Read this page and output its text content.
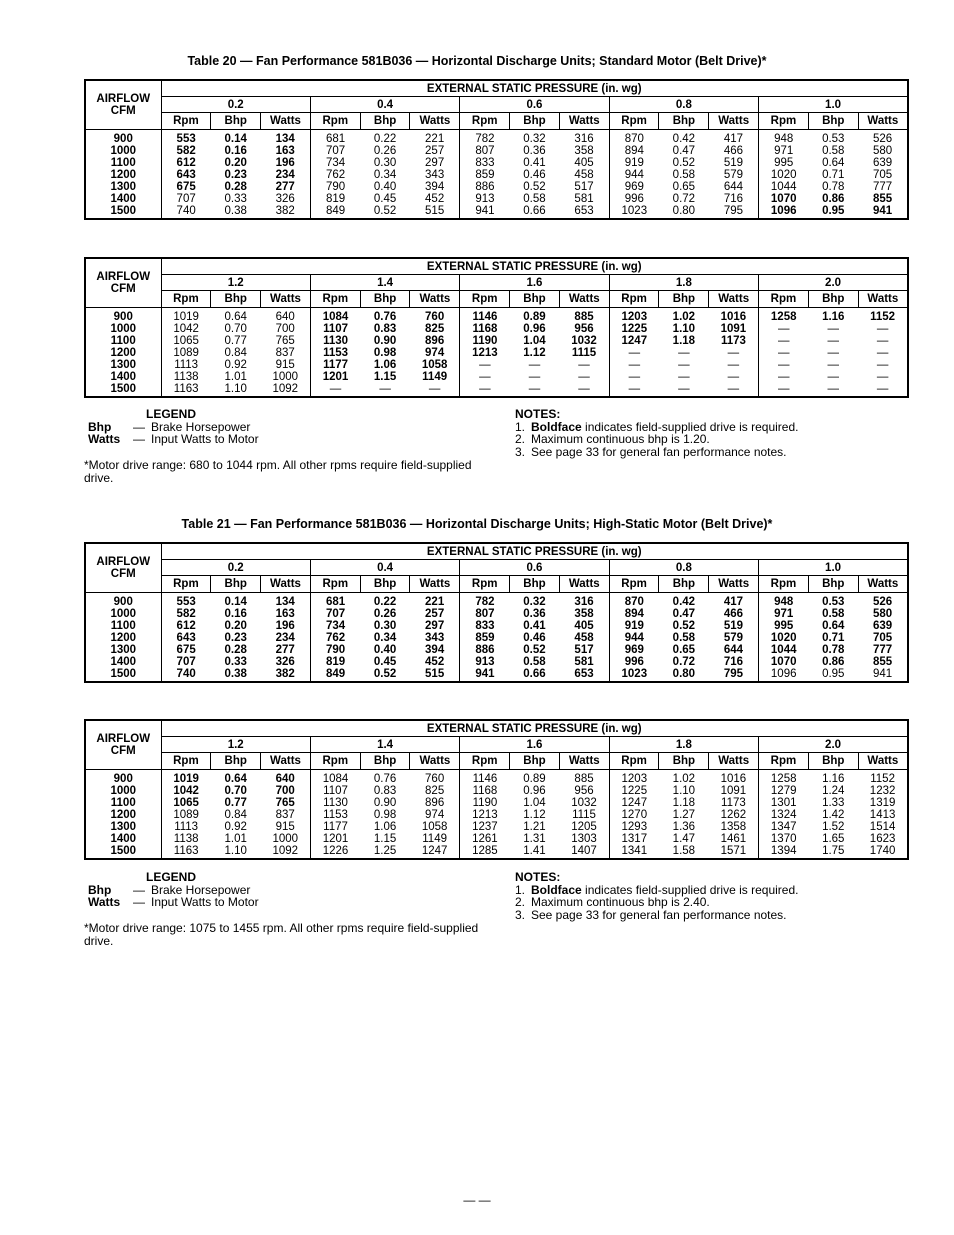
Table 20 — Fan Performance 581B036 — Horizontal Discharge Units; Standard Motor (Belt Drive)*
AIRFLOW
CFM	EXTERNAL STATIC PRESSURE (in. wg)														
	0.2			0.4			0.6			0.8			1.0		
	Rpm	Bhp	Watts	Rpm	Bhp	Watts	Rpm	Bhp	Watts	Rpm	Bhp	Watts	Rpm	Bhp	Watts
900	553	0.14	134	681	0.22	221	782	0.32	316	870	0.42	417	948	0.53	526
1000	582	0.16	163	707	0.26	257	807	0.36	358	894	0.47	466	971	0.58	580
1100	612	0.20	196	734	0.30	297	833	0.41	405	919	0.52	519	995	0.64	639
1200	643	0.23	234	762	0.34	343	859	0.46	458	944	0.58	579	1020	0.71	705
1300	675	0.28	277	790	0.40	394	886	0.52	517	969	0.65	644	1044	0.78	777
1400	707	0.33	326	819	0.45	452	913	0.58	581	996	0.72	716	1070	0.86	855
1500	740	0.38	382	849	0.52	515	941	0.66	653	1023	0.80	795	1096	0.95	941
AIRFLOW
CFM	EXTERNAL STATIC PRESSURE (in. wg)														
	1.2			1.4			1.6			1.8			2.0		
	Rpm	Bhp	Watts	Rpm	Bhp	Watts	Rpm	Bhp	Watts	Rpm	Bhp	Watts	Rpm	Bhp	Watts
900	1019	0.64	640	1084	0.76	760	1146	0.89	885	1203	1.02	1016	1258	1.16	1152
1000	1042	0.70	700	1107	0.83	825	1168	0.96	956	1225	1.10	1091	—	—	—
1100	1065	0.77	765	1130	0.90	896	1190	1.04	1032	1247	1.18	1173	—	—	—
1200	1089	0.84	837	1153	0.98	974	1213	1.12	1115	—	—	—	—	—	—
1300	1113	0.92	915	1177	1.06	1058	—	—	—	—	—	—	—	—	—
1400	1138	1.01	1000	1201	1.15	1149	—	—	—	—	—	—	—	—	—
1500	1163	1.10	1092	—	—	—	—	—	—	—	—	—	—	—	—
LEGEND
Bhp	— Brake Horsepower
Watts	— Input Watts to Motor
*Motor drive range: 680 to 1044 rpm. All other rpms require field-supplied drive.
NOTES:
1. Boldface indicates field-supplied drive is required.
2. Maximum continuous bhp is 1.20.
3. See page 33 for general fan performance notes.
Table 21 — Fan Performance 581B036 — Horizontal Discharge Units; High-Static Motor (Belt Drive)*
AIRFLOW
CFM	EXTERNAL STATIC PRESSURE (in. wg)														
	0.2			0.4			0.6			0.8			1.0		
	Rpm	Bhp	Watts	Rpm	Bhp	Watts	Rpm	Bhp	Watts	Rpm	Bhp	Watts	Rpm	Bhp	Watts
900	553	0.14	134	681	0.22	221	782	0.32	316	870	0.42	417	948	0.53	526
1000	582	0.16	163	707	0.26	257	807	0.36	358	894	0.47	466	971	0.58	580
1100	612	0.20	196	734	0.30	297	833	0.41	405	919	0.52	519	995	0.64	639
1200	643	0.23	234	762	0.34	343	859	0.46	458	944	0.58	579	1020	0.71	705
1300	675	0.28	277	790	0.40	394	886	0.52	517	969	0.65	644	1044	0.78	777
1400	707	0.33	326	819	0.45	452	913	0.58	581	996	0.72	716	1070	0.86	855
1500	740	0.38	382	849	0.52	515	941	0.66	653	1023	0.80	795	1096	0.95	941
AIRFLOW
CFM	EXTERNAL STATIC PRESSURE (in. wg)														
	1.2			1.4			1.6			1.8			2.0		
	Rpm	Bhp	Watts	Rpm	Bhp	Watts	Rpm	Bhp	Watts	Rpm	Bhp	Watts	Rpm	Bhp	Watts
900	1019	0.64	640	1084	0.76	760	1146	0.89	885	1203	1.02	1016	1258	1.16	1152
1000	1042	0.70	700	1107	0.83	825	1168	0.96	956	1225	1.10	1091	1279	1.24	1232
1100	1065	0.77	765	1130	0.90	896	1190	1.04	1032	1247	1.18	1173	1301	1.33	1319
1200	1089	0.84	837	1153	0.98	974	1213	1.12	1115	1270	1.27	1262	1324	1.42	1413
1300	1113	0.92	915	1177	1.06	1058	1237	1.21	1205	1293	1.36	1358	1347	1.52	1514
1400	1138	1.01	1000	1201	1.15	1149	1261	1.31	1303	1317	1.47	1461	1370	1.65	1623
1500	1163	1.10	1092	1226	1.25	1247	1285	1.41	1407	1341	1.58	1571	1394	1.75	1740
LEGEND
Bhp	— Brake Horsepower
Watts	— Input Watts to Motor
*Motor drive range: 1075 to 1455 rpm. All other rpms require field-supplied drive.
NOTES:
1. Boldface indicates field-supplied drive is required.
2. Maximum continuous bhp is 2.40.
3. See page 33 for general fan performance notes.
— —
